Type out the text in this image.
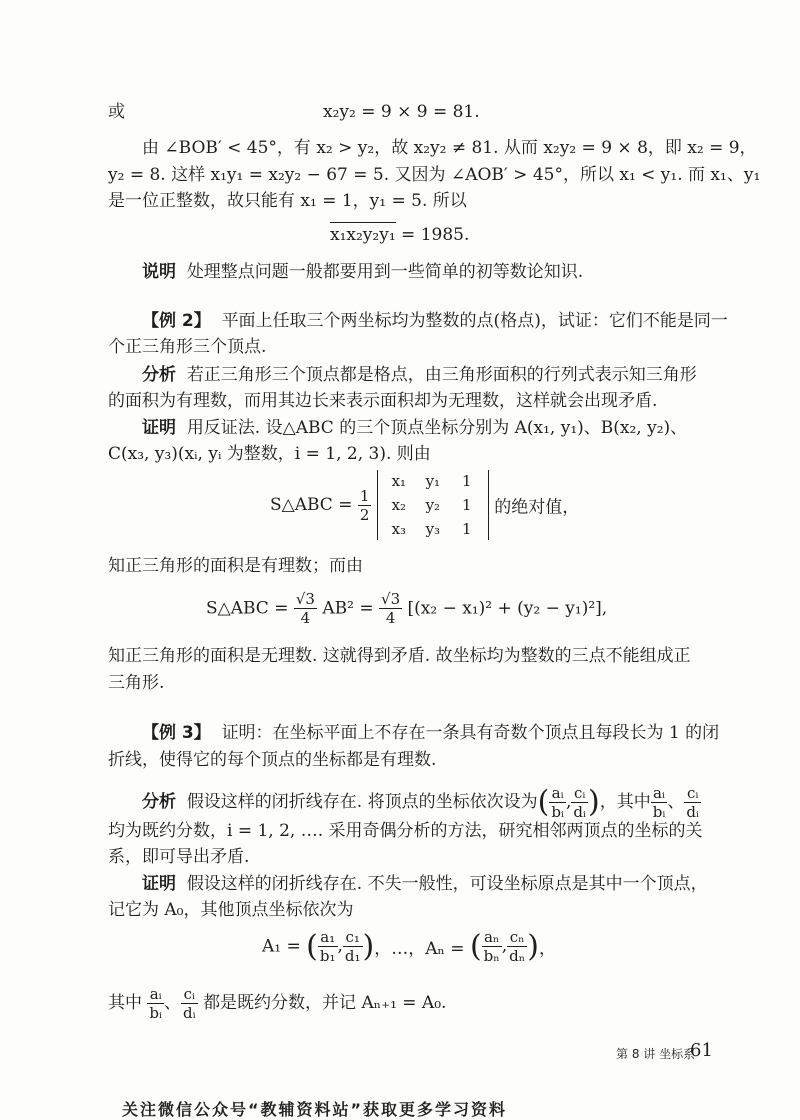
或	x₂y₂ = 9 × 9 = 81.
由 ∠BOB′ < 45°，有 x₂ > y₂，故 x₂y₂ ≠ 81. 从而 x₂y₂ = 9 × 8，即 x₂ = 9，
y₂ = 8. 这样 x₁y₁ = x₂y₂ − 67 = 5. 又因为 ∠AOB′ > 45°，所以 x₁ < y₁. 而 x₁、y₁
是一位正整数，故只能有 x₁ = 1，y₁ = 5. 所以
x₁x₂y₂y₁ = 1985.
说明 处理整点问题一般都要用到一些简单的初等数论知识.
【例 2】 平面上任取三个两坐标均为整数的点(格点)，试证：它们不能是同一
个正三角形三个顶点.
分析 若正三角形三个顶点都是格点，由三角形面积的行列式表示知三角形
的面积为有理数，而用其边长来表示面积却为无理数，这样就会出现矛盾.
证明 用反证法. 设△ABC 的三个顶点坐标分别为 A(x₁, y₁)、B(x₂, y₂)、
C(x₃, y₃)(xᵢ, yᵢ 为整数，i = 1, 2, 3). 则由
S△ABC = $\frac{1}{2}$

x₁	y₁	1
x₂	y₂	1
x₃	y₃	1
的绝对值，
知正三角形的面积是有理数；而由
S△ABC = $\frac{√3}{4} AB^2 = \frac{√3}{4} [(x_2 - x_1)^2 + (y_2 - y_1)^2]$,
知正三角形的面积是无理数. 这就得到矛盾. 故坐标均为整数的三点不能组成正
三角形.
【例 3】 证明：在坐标平面上不存在一条具有奇数个顶点且每段长为 1 的闭
折线，使得它的每个顶点的坐标都是有理数.
分析 假设这样的闭折线存在. 将顶点的坐标依次设为( $\frac{\text{aᵢ}}{\text{bᵢ}}$ , $\frac{\text{cᵢ}}{\text{dᵢ}}$ )，其中 $\frac{\text{aᵢ}}{\text{bᵢ}}$ 、 $\frac{\text{cᵢ}}{\text{dᵢ}}$
均为既约分数，i = 1, 2, …. 采用奇偶分析的方法，研究相邻两顶点的坐标的关
系，即可导出矛盾.
证明 假设这样的闭折线存在. 不失一般性，可设坐标原点是其中一个顶点，
记它为 A₀，其他顶点坐标依次为
A₁ = ( $\frac{\text{a₁}}{\text{b₁}}$ , $\frac{\text{c₁}}{\text{d₁}}$ )，…，Aₙ = ( $\frac{\text{aₙ}}{\text{bₙ}}$ , $\frac{\text{cₙ}}{\text{dₙ}}$ )，
其中 $\frac{\text{aᵢ}}{\text{bᵢ}}$ 、 $\frac{\text{cᵢ}}{\text{dᵢ}}$ 都是既约分数，并记 Aₙ₊₁ = A₀.
第 8 讲 坐标系
61
关注微信公众号“教辅资料站”获取更多学习资料
